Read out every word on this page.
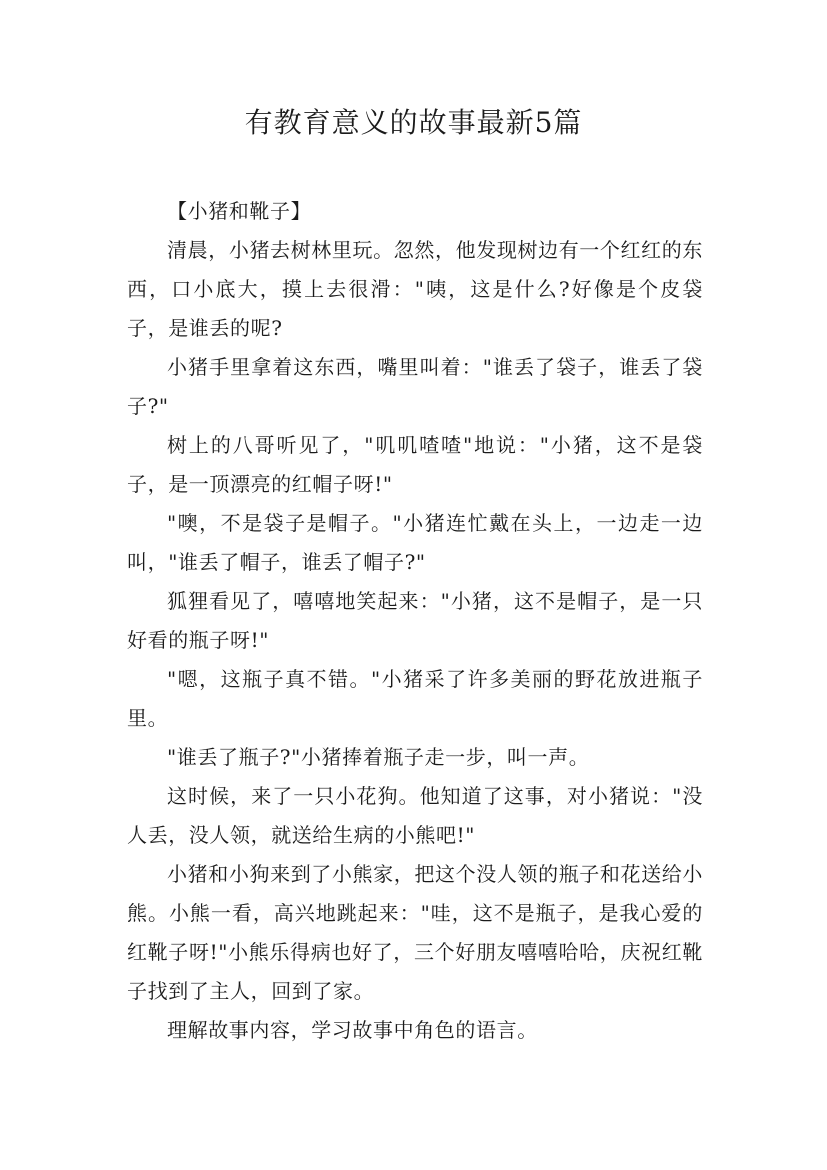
有教育意义的故事最新5篇
【小猪和靴子】

清晨，小猪去树林里玩。忽然，他发现树边有一个红红的东西，口小底大，摸上去很滑："咦，这是什么?好像是个皮袋子，是谁丢的呢?

小猪手里拿着这东西，嘴里叫着："谁丢了袋子，谁丢了袋子?"

树上的八哥听见了，"叽叽喳喳"地说："小猪，这不是袋子，是一顶漂亮的红帽子呀!"

"噢，不是袋子是帽子。"小猪连忙戴在头上，一边走一边叫，"谁丢了帽子，谁丢了帽子?"

狐狸看见了，嘻嘻地笑起来："小猪，这不是帽子，是一只好看的瓶子呀!"

"嗯，这瓶子真不错。"小猪采了许多美丽的野花放进瓶子里。

"谁丢了瓶子?"小猪捧着瓶子走一步，叫一声。

这时候，来了一只小花狗。他知道了这事，对小猪说："没人丢，没人领，就送给生病的小熊吧!"

小猪和小狗来到了小熊家，把这个没人领的瓶子和花送给小熊。小熊一看，高兴地跳起来："哇，这不是瓶子，是我心爱的红靴子呀!"小熊乐得病也好了，三个好朋友嘻嘻哈哈，庆祝红靴子找到了主人，回到了家。

理解故事内容，学习故事中角色的语言。
